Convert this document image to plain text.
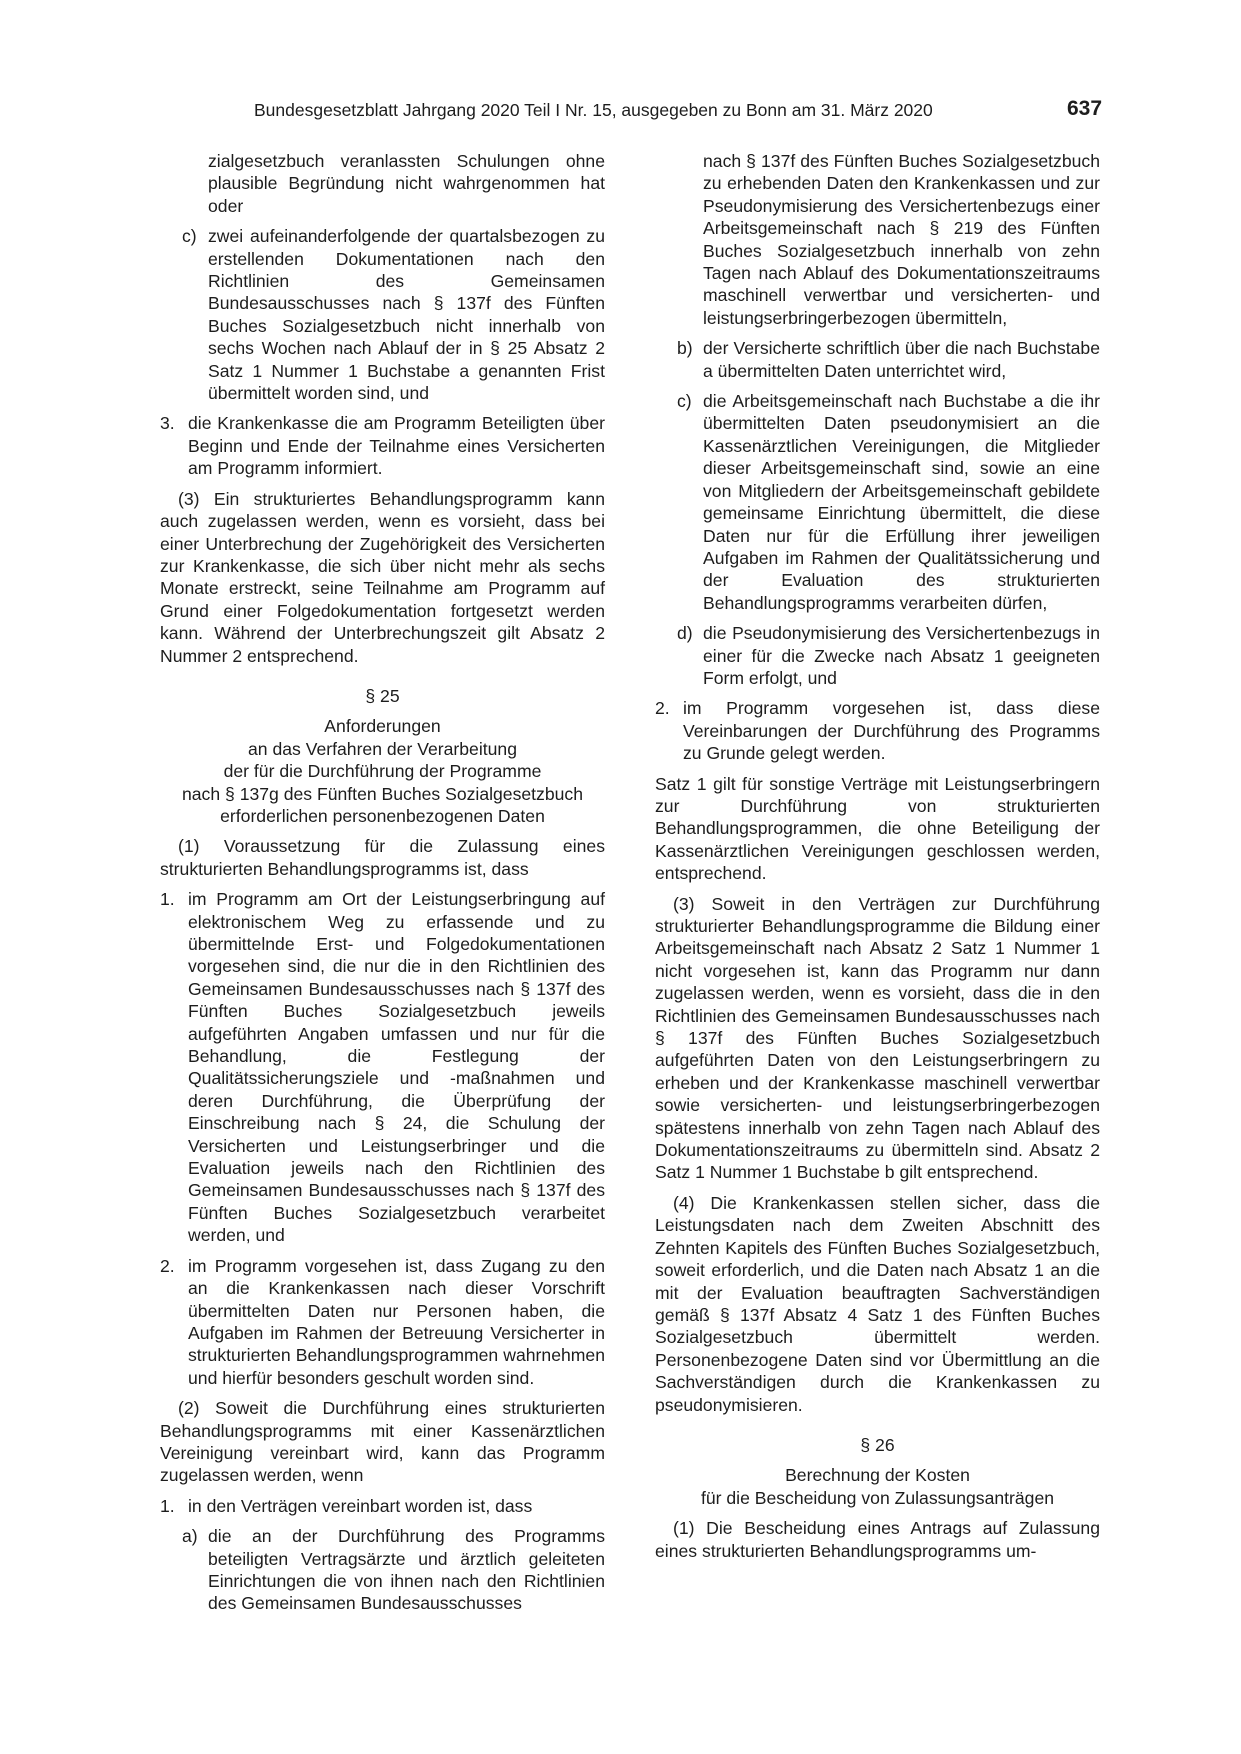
Bundesgesetzblatt Jahrgang 2020 Teil I Nr. 15, ausgegeben zu Bonn am 31. März 2020	637
zialgesetzbuch veranlassten Schulungen ohne plausible Begründung nicht wahrgenommen hat oder
c) zwei aufeinanderfolgende der quartalsbezogen zu erstellenden Dokumentationen nach den Richtlinien des Gemeinsamen Bundesausschusses nach § 137f des Fünften Buches Sozialgesetzbuch nicht innerhalb von sechs Wochen nach Ablauf der in § 25 Absatz 2 Satz 1 Nummer 1 Buchstabe a genannten Frist übermittelt worden sind, und
3. die Krankenkasse die am Programm Beteiligten über Beginn und Ende der Teilnahme eines Versicherten am Programm informiert.
(3) Ein strukturiertes Behandlungsprogramm kann auch zugelassen werden, wenn es vorsieht, dass bei einer Unterbrechung der Zugehörigkeit des Versicherten zur Krankenkasse, die sich über nicht mehr als sechs Monate erstreckt, seine Teilnahme am Programm auf Grund einer Folgedokumentation fortgesetzt werden kann. Während der Unterbrechungszeit gilt Absatz 2 Nummer 2 entsprechend.
§ 25
Anforderungen
an das Verfahren der Verarbeitung
der für die Durchführung der Programme
nach § 137g des Fünften Buches Sozialgesetzbuch
erforderlichen personenbezogenen Daten
(1) Voraussetzung für die Zulassung eines strukturierten Behandlungsprogramms ist, dass
1. im Programm am Ort der Leistungserbringung auf elektronischem Weg zu erfassende und zu übermittelnde Erst- und Folgedokumentationen vorgesehen sind, die nur die in den Richtlinien des Gemeinsamen Bundesausschusses nach § 137f des Fünften Buches Sozialgesetzbuch jeweils aufgeführten Angaben umfassen und nur für die Behandlung, die Festlegung der Qualitätssicherungsziele und -maßnahmen und deren Durchführung, die Überprüfung der Einschreibung nach § 24, die Schulung der Versicherten und Leistungserbringer und die Evaluation jeweils nach den Richtlinien des Gemeinsamen Bundesausschusses nach § 137f des Fünften Buches Sozialgesetzbuch verarbeitet werden, und
2. im Programm vorgesehen ist, dass Zugang zu den an die Krankenkassen nach dieser Vorschrift übermittelten Daten nur Personen haben, die Aufgaben im Rahmen der Betreuung Versicherter in strukturierten Behandlungsprogrammen wahrnehmen und hierfür besonders geschult worden sind.
(2) Soweit die Durchführung eines strukturierten Behandlungsprogramms mit einer Kassenärztlichen Vereinigung vereinbart wird, kann das Programm zugelassen werden, wenn
1. in den Verträgen vereinbart worden ist, dass
a) die an der Durchführung des Programms beteiligten Vertragsärzte und ärztlich geleiteten Einrichtungen die von ihnen nach den Richtlinien des Gemeinsamen Bundesausschusses
nach § 137f des Fünften Buches Sozialgesetzbuch zu erhebenden Daten den Krankenkassen und zur Pseudonymisierung des Versichertenbezugs einer Arbeitsgemeinschaft nach § 219 des Fünften Buches Sozialgesetzbuch innerhalb von zehn Tagen nach Ablauf des Dokumentationszeitraums maschinell verwertbar und versicherten- und leistungserbringerbezogen übermitteln,
b) der Versicherte schriftlich über die nach Buchstabe a übermittelten Daten unterrichtet wird,
c) die Arbeitsgemeinschaft nach Buchstabe a die ihr übermittelten Daten pseudonymisiert an die Kassenärztlichen Vereinigungen, die Mitglieder dieser Arbeitsgemeinschaft sind, sowie an eine von Mitgliedern der Arbeitsgemeinschaft gebildete gemeinsame Einrichtung übermittelt, die diese Daten nur für die Erfüllung ihrer jeweiligen Aufgaben im Rahmen der Qualitätssicherung und der Evaluation des strukturierten Behandlungsprogramms verarbeiten dürfen,
d) die Pseudonymisierung des Versichertenbezugs in einer für die Zwecke nach Absatz 1 geeigneten Form erfolgt, und
2. im Programm vorgesehen ist, dass diese Vereinbarungen der Durchführung des Programms zu Grunde gelegt werden.
Satz 1 gilt für sonstige Verträge mit Leistungserbringern zur Durchführung von strukturierten Behandlungsprogrammen, die ohne Beteiligung der Kassenärztlichen Vereinigungen geschlossen werden, entsprechend.
(3) Soweit in den Verträgen zur Durchführung strukturierter Behandlungsprogramme die Bildung einer Arbeitsgemeinschaft nach Absatz 2 Satz 1 Nummer 1 nicht vorgesehen ist, kann das Programm nur dann zugelassen werden, wenn es vorsieht, dass die in den Richtlinien des Gemeinsamen Bundesausschusses nach § 137f des Fünften Buches Sozialgesetzbuch aufgeführten Daten von den Leistungserbringern zu erheben und der Krankenkasse maschinell verwertbar sowie versicherten- und leistungserbringerbezogen spätestens innerhalb von zehn Tagen nach Ablauf des Dokumentationszeitraums zu übermitteln sind. Absatz 2 Satz 1 Nummer 1 Buchstabe b gilt entsprechend.
(4) Die Krankenkassen stellen sicher, dass die Leistungsdaten nach dem Zweiten Abschnitt des Zehnten Kapitels des Fünften Buches Sozialgesetzbuch, soweit erforderlich, und die Daten nach Absatz 1 an die mit der Evaluation beauftragten Sachverständigen gemäß § 137f Absatz 4 Satz 1 des Fünften Buches Sozialgesetzbuch übermittelt werden. Personenbezogene Daten sind vor Übermittlung an die Sachverständigen durch die Krankenkassen zu pseudonymisieren.
§ 26
Berechnung der Kosten
für die Bescheidung von Zulassungsanträgen
(1) Die Bescheidung eines Antrags auf Zulassung eines strukturierten Behandlungsprogramms um-
